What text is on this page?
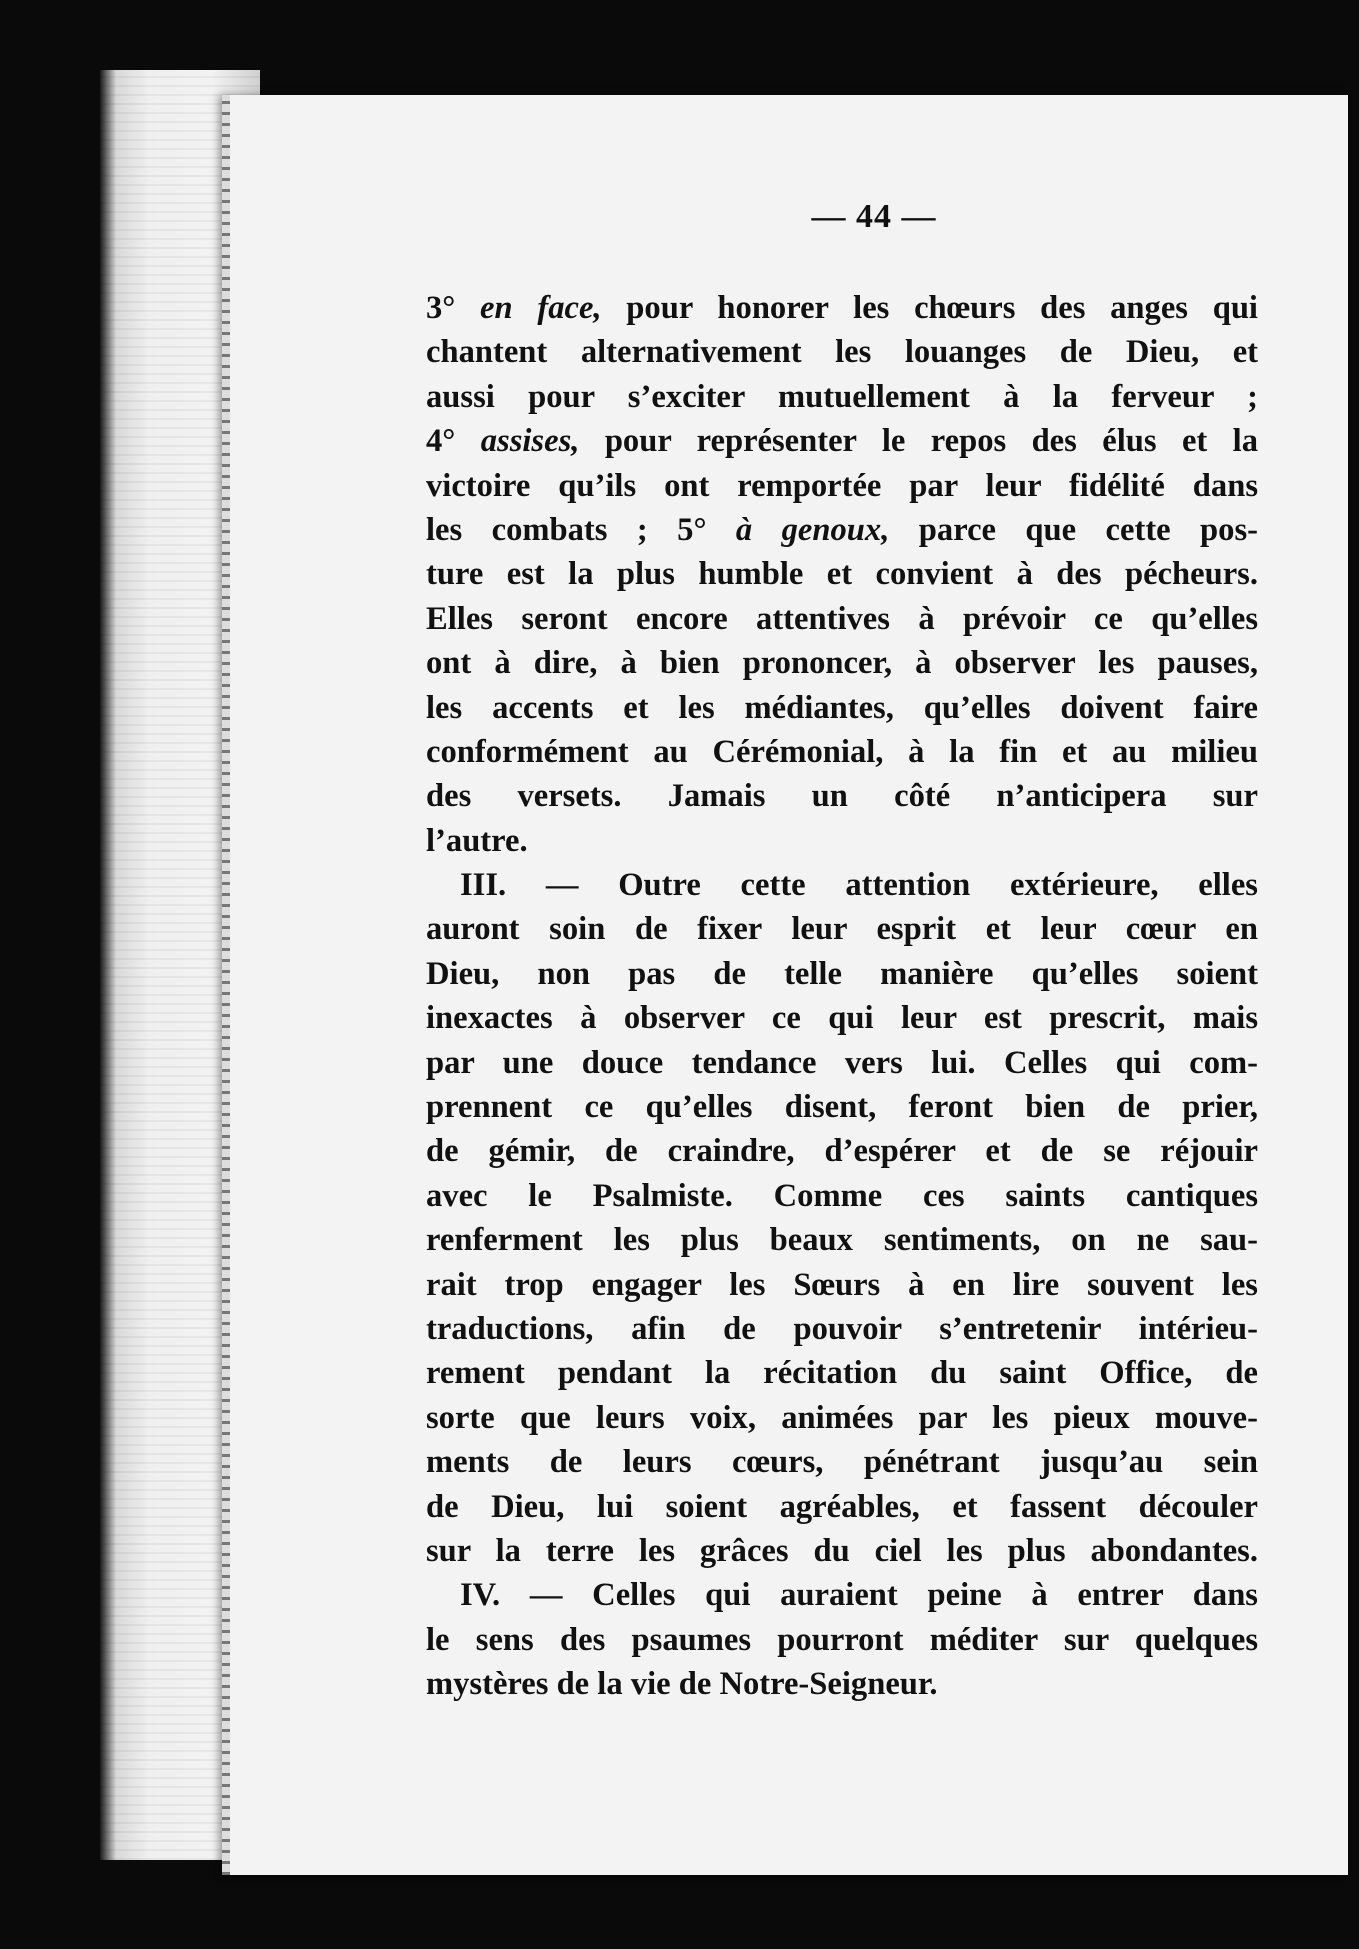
— 44 —
3° en face, pour honorer les chœurs des anges qui
chantent alternativement les louanges de Dieu, et
aussi pour s’exciter mutuellement à la ferveur ;
4° assises, pour représenter le repos des élus et la
victoire qu’ils ont remportée par leur fidélité dans
les combats ; 5° à genoux, parce que cette pos-
ture est la plus humble et convient à des pécheurs.
Elles seront encore attentives à prévoir ce qu’elles
ont à dire, à bien prononcer, à observer les pauses,
les accents et les médiantes, qu’elles doivent faire
conformément au Cérémonial, à la fin et au milieu
des versets. Jamais un côté n’anticipera sur
l’autre.
III. — Outre cette attention extérieure, elles
auront soin de fixer leur esprit et leur cœur en
Dieu, non pas de telle manière qu’elles soient
inexactes à observer ce qui leur est prescrit, mais
par une douce tendance vers lui. Celles qui com-
prennent ce qu’elles disent, feront bien de prier,
de gémir, de craindre, d’espérer et de se réjouir
avec le Psalmiste. Comme ces saints cantiques
renferment les plus beaux sentiments, on ne sau-
rait trop engager les Sœurs à en lire souvent les
traductions, afin de pouvoir s’entretenir intérieu-
rement pendant la récitation du saint Office, de
sorte que leurs voix, animées par les pieux mouve-
ments de leurs cœurs, pénétrant jusqu’au sein
de Dieu, lui soient agréables, et fassent découler
sur la terre les grâces du ciel les plus abondantes.
IV. — Celles qui auraient peine à entrer dans
le sens des psaumes pourront méditer sur quelques
mystères de la vie de Notre-Seigneur.
